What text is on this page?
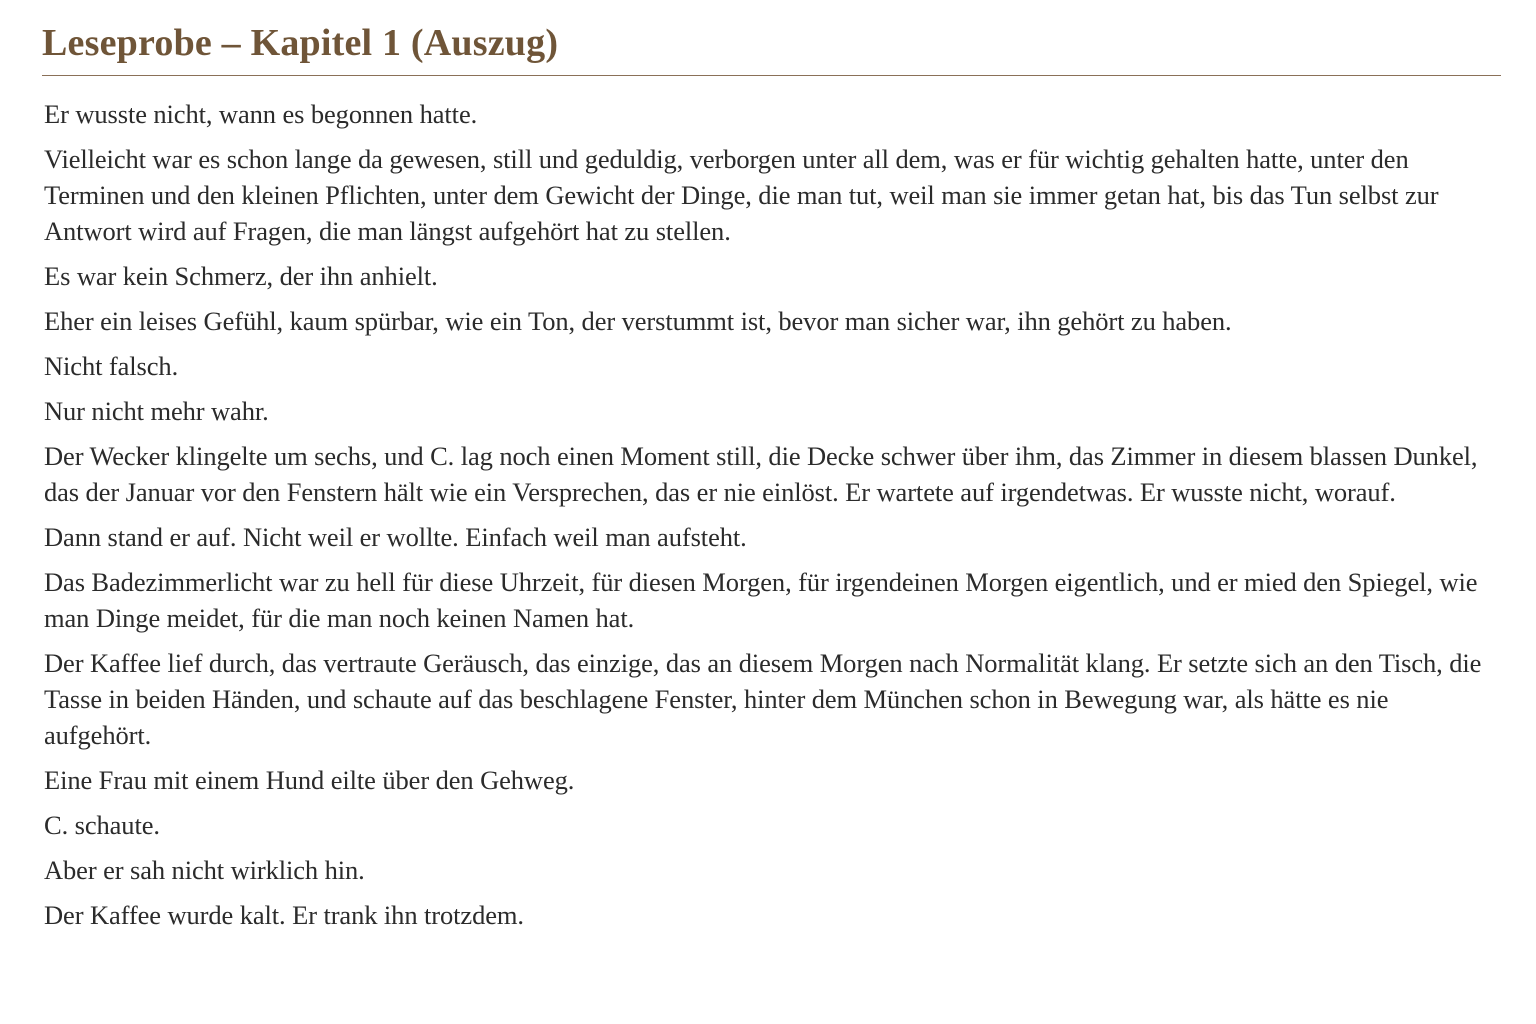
Leseprobe – Kapitel 1 (Auszug)

Er wusste nicht, wann es begonnen hatte.

Vielleicht war es schon lange da gewesen, still und geduldig, verborgen unter all dem, was er für wichtig gehalten hatte, unter den Terminen und den kleinen Pflichten, unter dem Gewicht der Dinge, die man tut, weil man sie immer getan hat, bis das Tun selbst zur Antwort wird auf Fragen, die man längst aufgehört hat zu stellen.

Es war kein Schmerz, der ihn anhielt.

Eher ein leises Gefühl, kaum spürbar, wie ein Ton, der verstummt ist, bevor man sicher war, ihn gehört zu haben.

Nicht falsch.

Nur nicht mehr wahr.

Der Wecker klingelte um sechs, und C. lag noch einen Moment still, die Decke schwer über ihm, das Zimmer in diesem blassen Dunkel, das der Januar vor den Fenstern hält wie ein Versprechen, das er nie einlöst. Er wartete auf irgendetwas. Er wusste nicht, worauf.

Dann stand er auf. Nicht weil er wollte. Einfach weil man aufsteht.

Das Badezimmerlicht war zu hell für diese Uhrzeit, für diesen Morgen, für irgendeinen Morgen eigentlich, und er mied den Spiegel, wie man Dinge meidet, für die man noch keinen Namen hat.

Der Kaffee lief durch, das vertraute Geräusch, das einzige, das an diesem Morgen nach Normalität klang. Er setzte sich an den Tisch, die Tasse in beiden Händen, und schaute auf das beschlagene Fenster, hinter dem München schon in Bewegung war, als hätte es nie aufgehört.

Eine Frau mit einem Hund eilte über den Gehweg.

C. schaute.

Aber er sah nicht wirklich hin.

Der Kaffee wurde kalt. Er trank ihn trotzdem.
